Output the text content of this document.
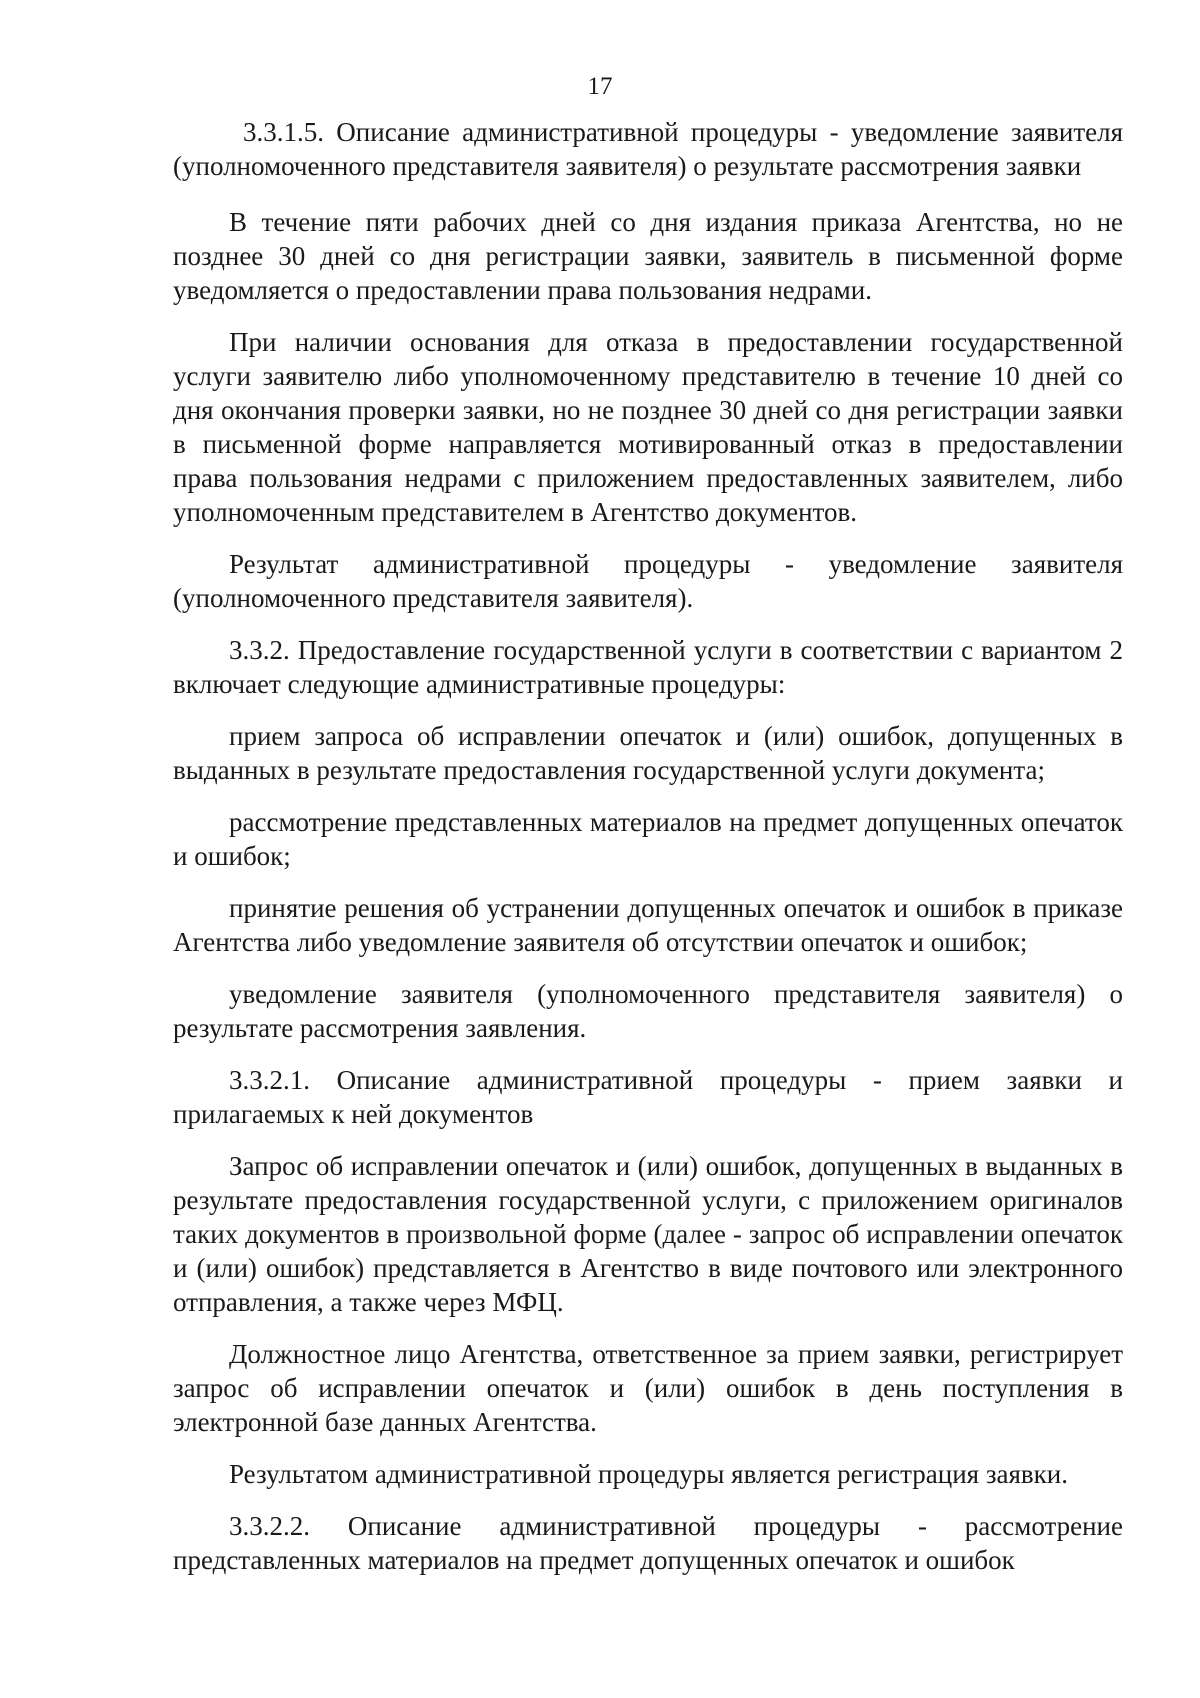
17

3.3.1.5. Описание административной процедуры - уведомление заявителя (уполномоченного представителя заявителя) о результате рассмотрения заявки

В течение пяти рабочих дней со дня издания приказа Агентства, но не позднее 30 дней со дня регистрации заявки, заявитель в письменной форме уведомляется о предоставлении права пользования недрами.

При наличии основания для отказа в предоставлении государственной услуги заявителю либо уполномоченному представителю в течение 10 дней со дня окончания проверки заявки, но не позднее 30 дней со дня регистрации заявки в письменной форме направляется мотивированный отказ в предоставлении права пользования недрами с приложением предоставленных заявителем, либо уполномоченным представителем в Агентство документов.

Результат административной процедуры - уведомление заявителя (уполномоченного представителя заявителя).

3.3.2. Предоставление государственной услуги в соответствии с вариантом 2 включает следующие административные процедуры:

прием запроса об исправлении опечаток и (или) ошибок, допущенных в выданных в результате предоставления государственной услуги документа;

рассмотрение представленных материалов на предмет допущенных опечаток и ошибок;

принятие решения об устранении допущенных опечаток и ошибок в приказе Агентства либо уведомление заявителя об отсутствии опечаток и ошибок;

уведомление заявителя (уполномоченного представителя заявителя) о результате рассмотрения заявления.

3.3.2.1. Описание административной процедуры - прием заявки и прилагаемых к ней документов

Запрос об исправлении опечаток и (или) ошибок, допущенных в выданных в результате предоставления государственной услуги, с приложением оригиналов таких документов в произвольной форме (далее - запрос об исправлении опечаток и (или) ошибок) представляется в Агентство в виде почтового или электронного отправления, а также через МФЦ.

Должностное лицо Агентства, ответственное за прием заявки, регистрирует запрос об исправлении опечаток и (или) ошибок в день поступления в электронной базе данных Агентства.

Результатом административной процедуры является регистрация заявки.

3.3.2.2. Описание административной процедуры - рассмотрение представленных материалов на предмет допущенных опечаток и ошибок
